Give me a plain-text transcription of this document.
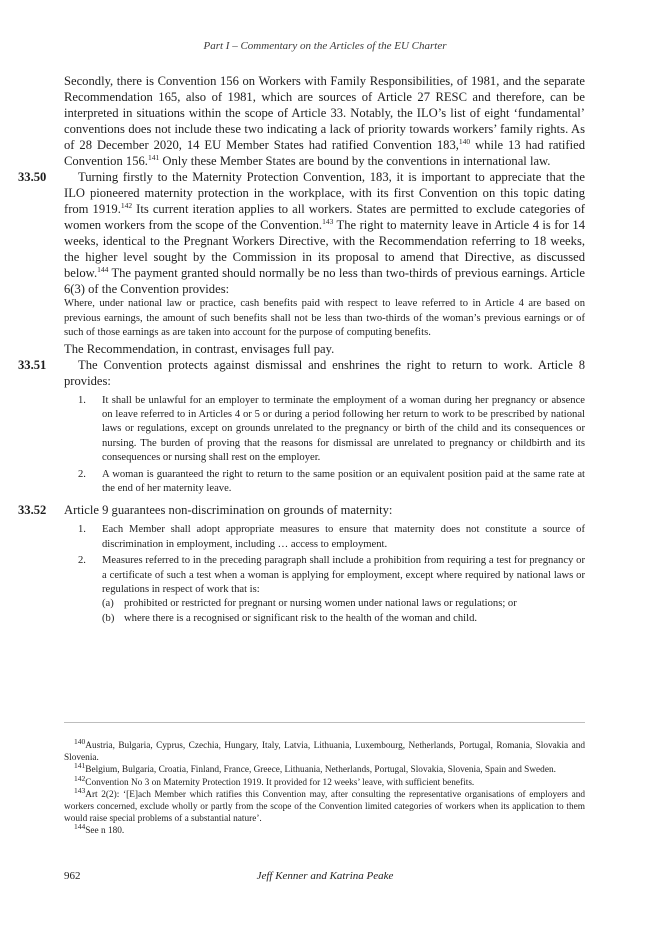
Part I – Commentary on the Articles of the EU Charter

Secondly, there is Convention 156 on Workers with Family Responsibilities, of 1981, and the separate Recommendation 165, also of 1981, which are sources of Article 27 RESC and therefore, can be interpreted in situations within the scope of Article 33. Notably, the ILO’s list of eight ‘fundamental’ conventions does not include these two indicating a lack of priority towards workers’ family rights. As of 28 December 2020, 14 EU Member States had ratified Convention 183,$^{140}$ while 13 had ratified Convention 156.$^{141}$ Only these Member States are bound by the conventions in international law.

33.50	Turning firstly to the Maternity Protection Convention, 183, it is important to appreciate that the ILO pioneered maternity protection in the workplace, with its first Convention on this topic dating from 1919.$^{142}$ Its current iteration applies to all workers. States are permitted to exclude categories of women workers from the scope of the Convention.$^{143}$ The right to maternity leave in Article 4 is for 14 weeks, identical to the Pregnant Workers Directive, with the Recommendation referring to 18 weeks, the higher level sought by the Commission in its proposal to amend that Directive, as discussed below.$^{144}$ The payment granted should normally be no less than two-thirds of previous earnings. Article 6(3) of the Convention provides:

Where, under national law or practice, cash benefits paid with respect to leave referred to in Article 4 are based on previous earnings, the amount of such benefits shall not be less than two-thirds of the woman’s previous earnings or of such of those earnings as are taken into account for the purpose of computing benefits.

The Recommendation, in contrast, envisages full pay.

33.51	The Convention protects against dismissal and enshrines the right to return to work. Article 8 provides:

1. It shall be unlawful for an employer to terminate the employment of a woman during her pregnancy or absence on leave referred to in Articles 4 or 5 or during a period following her return to work to be prescribed by national laws or regulations, except on grounds unrelated to the pregnancy or birth of the child and its consequences or nursing. The burden of proving that the reasons for dismissal are unrelated to pregnancy or childbirth and its consequences or nursing shall rest on the employer.
2. A woman is guaranteed the right to return to the same position or an equivalent position paid at the same rate at the end of her maternity leave.
33.52 Article 9 guarantees non-discrimination on grounds of maternity:

1. Each Member shall adopt appropriate measures to ensure that maternity does not constitute a source of discrimination in employment, including … access to employment.
2. Measures referred to in the preceding paragraph shall include a prohibition from requiring a test for pregnancy or a certificate of such a test when a woman is applying for employment, except where required by national laws or regulations in respect of work that is:
(a) prohibited or restricted for pregnant or nursing women under national laws or regulations; or
(b) where there is a recognised or significant risk to the health of the woman and child.

$^{140}$Austria, Bulgaria, Cyprus, Czechia, Hungary, Italy, Latvia, Lithuania, Luxembourg, Netherlands, Portugal, Romania, Slovakia and Slovenia.

$^{141}$Belgium, Bulgaria, Croatia, Finland, France, Greece, Lithuania, Netherlands, Portugal, Slovakia, Slovenia, Spain and Sweden.

$^{142}$Convention No 3 on Maternity Protection 1919. It provided for 12 weeks’ leave, with sufficient benefits.

$^{143}$Art 2(2): ‘[E]ach Member which ratifies this Convention may, after consulting the representative organisations of employers and workers concerned, exclude wholly or partly from the scope of the Convention limited categories of workers when its application to them would raise special problems of a substantial nature’.

$^{144}$See n 180.

962	Jeff Kenner and Katrina Peake
